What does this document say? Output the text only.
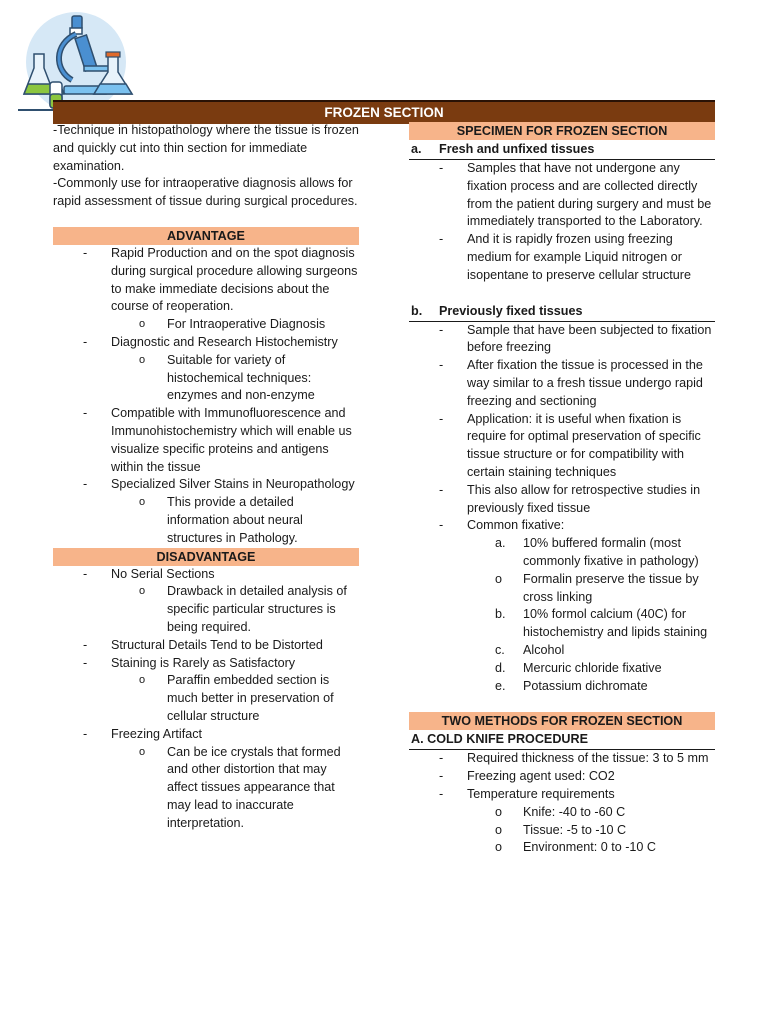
FROZEN SECTION
-Technique in histopathology where the tissue is frozen and quickly cut into thin section for immediate examination.
-Commonly use for intraoperative diagnosis allows for rapid assessment of tissue during surgical procedures.
ADVANTAGE
- Rapid Production and on the spot diagnosis during surgical procedure allowing surgeons to make immediate decisions about the course of reoperation.
o For Intraoperative Diagnosis
- Diagnostic and Research Histochemistry
o Suitable for variety of histochemical techniques: enzymes and non-enzyme
- Compatible with Immunofluorescence and Immunohistochemistry which will enable us visualize specific proteins and antigens within the tissue
- Specialized Silver Stains in Neuropathology
o This provide a detailed information about neural structures in Pathology.
DISADVANTAGE
- No Serial Sections
o Drawback in detailed analysis of specific particular structures is being required.
- Structural Details Tend to be Distorted
- Staining is Rarely as Satisfactory
o Paraffin embedded section is much better in preservation of cellular structure
- Freezing Artifact
o Can be ice crystals that formed and other distortion that may affect tissues appearance that may lead to inaccurate interpretation.
SPECIMEN FOR FROZEN SECTION
a.	Fresh and unfixed tissues
- Samples that have not undergone any fixation process and are collected directly from the patient during surgery and must be immediately transported to the Laboratory.
- And it is rapidly frozen using freezing medium for example Liquid nitrogen or isopentane to preserve cellular structure
b.	Previously fixed tissues
- Sample that have been subjected to fixation before freezing
- After fixation the tissue is processed in the way similar to a fresh tissue undergo rapid freezing and sectioning
- Application: it is useful when fixation is require for optimal preservation of specific tissue structure or for compatibility with certain staining techniques
- This also allow for retrospective studies in previously fixed tissue
- Common fixative:
a. 10% buffered formalin (most commonly fixative in pathology)
o Formalin preserve the tissue by cross linking
b. 10% formol calcium (40C) for histochemistry and lipids staining
c. Alcohol
d. Mercuric chloride fixative
e. Potassium dichromate
TWO METHODS FOR FROZEN SECTION
A. COLD KNIFE PROCEDURE
- Required thickness of the tissue: 3 to 5 mm
- Freezing agent used: CO2
- Temperature requirements
o Knife: -40 to -60 C
o Tissue: -5 to -10 C
o Environment: 0 to -10 C
